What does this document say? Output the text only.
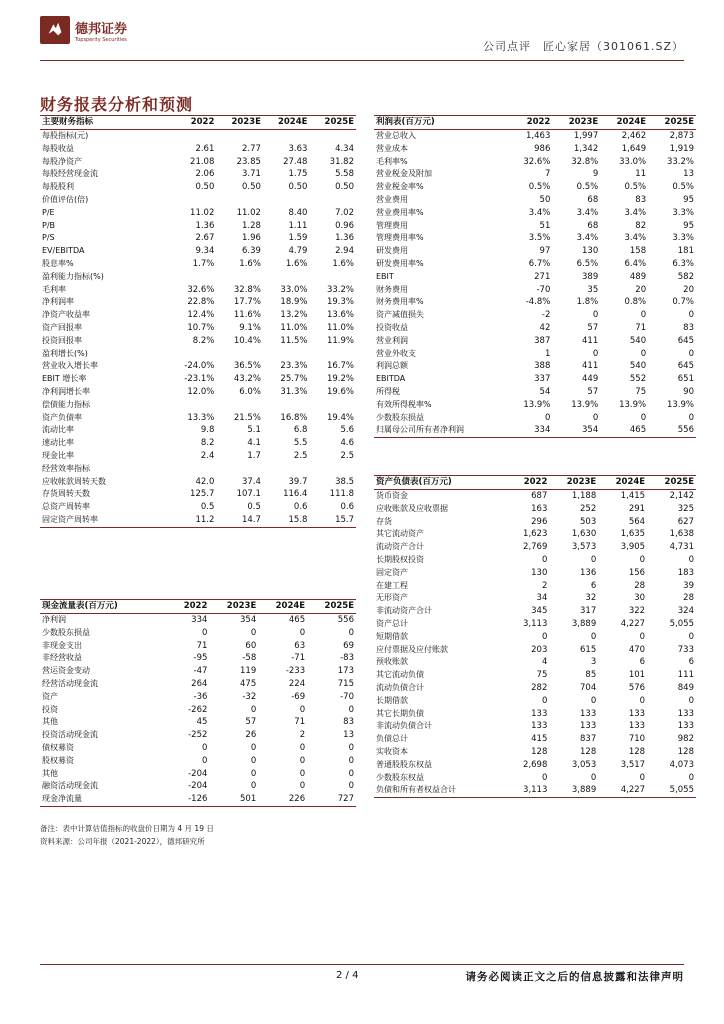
德邦证券
Topsperity Securities
公司点评　匠心家居（301061.SZ）
财务报表分析和预测
主要财务指标	2022	2023E	2024E	2025E
每股指标(元)				
每股收益	2.61	2.77	3.63	4.34
每股净资产	21.08	23.85	27.48	31.82
每股经营现金流	2.06	3.71	1.75	5.58
每股股利	0.50	0.50	0.50	0.50
价值评估(倍)				
P/E	11.02	11.02	8.40	7.02
P/B	1.36	1.28	1.11	0.96
P/S	2.67	1.96	1.59	1.36
EV/EBITDA	9.34	6.39	4.79	2.94
股息率%	1.7%	1.6%	1.6%	1.6%
盈利能力指标(%)				
毛利率	32.6%	32.8%	33.0%	33.2%
净利润率	22.8%	17.7%	18.9%	19.3%
净资产收益率	12.4%	11.6%	13.2%	13.6%
资产回报率	10.7%	9.1%	11.0%	11.0%
投资回报率	8.2%	10.4%	11.5%	11.9%
盈利增长(%)				
营业收入增长率	-24.0%	36.5%	23.3%	16.7%
EBIT 增长率	-23.1%	43.2%	25.7%	19.2%
净利润增长率	12.0%	6.0%	31.3%	19.6%
偿债能力指标				
资产负债率	13.3%	21.5%	16.8%	19.4%
流动比率	9.8	5.1	6.8	5.6
速动比率	8.2	4.1	5.5	4.6
现金比率	2.4	1.7	2.5	2.5
经营效率指标				
应收帐款周转天数	42.0	37.4	39.7	38.5
存货周转天数	125.7	107.1	116.4	111.8
总资产周转率	0.5	0.5	0.6	0.6
固定资产周转率	11.2	14.7	15.8	15.7
现金流量表(百万元)	2022	2023E	2024E	2025E
净利润	334	354	465	556
少数股东损益	0	0	0	0
非现金支出	71	60	63	69
非经营收益	-95	-58	-71	-83
营运资金变动	-47	119	-233	173
经营活动现金流	264	475	224	715
资产	-36	-32	-69	-70
投资	-262	0	0	0
其他	45	57	71	83
投资活动现金流	-252	26	2	13
债权募资	0	0	0	0
股权募资	0	0	0	0
其他	-204	0	0	0
融资活动现金流	-204	0	0	0
现金净流量	-126	501	226	727
利润表(百万元)	2022	2023E	2024E	2025E
营业总收入	1,463	1,997	2,462	2,873
营业成本	986	1,342	1,649	1,919
毛利率%	32.6%	32.8%	33.0%	33.2%
营业税金及附加	7	9	11	13
营业税金率%	0.5%	0.5%	0.5%	0.5%
营业费用	50	68	83	95
营业费用率%	3.4%	3.4%	3.4%	3.3%
管理费用	51	68	82	95
管理费用率%	3.5%	3.4%	3.4%	3.3%
研发费用	97	130	158	181
研发费用率%	6.7%	6.5%	6.4%	6.3%
EBIT	271	389	489	582
财务费用	-70	35	20	20
财务费用率%	-4.8%	1.8%	0.8%	0.7%
资产减值损失	-2	0	0	0
投资收益	42	57	71	83
营业利润	387	411	540	645
营业外收支	1	0	0	0
利润总额	388	411	540	645
EBITDA	337	449	552	651
所得税	54	57	75	90
有效所得税率%	13.9%	13.9%	13.9%	13.9%
少数股东损益	0	0	0	0
归属母公司所有者净利润	334	354	465	556
资产负债表(百万元)	2022	2023E	2024E	2025E
货币资金	687	1,188	1,415	2,142
应收账款及应收票据	163	252	291	325
存货	296	503	564	627
其它流动资产	1,623	1,630	1,635	1,638
流动资产合计	2,769	3,573	3,905	4,731
长期股权投资	0	0	0	0
固定资产	130	136	156	183
在建工程	2	6	28	39
无形资产	34	32	30	28
非流动资产合计	345	317	322	324
资产总计	3,113	3,889	4,227	5,055
短期借款	0	0	0	0
应付票据及应付账款	203	615	470	733
预收账款	4	3	6	6
其它流动负债	75	85	101	111
流动负债合计	282	704	576	849
长期借款	0	0	0	0
其它长期负债	133	133	133	133
非流动负债合计	133	133	133	133
负债总计	415	837	710	982
实收资本	128	128	128	128
普通股股东权益	2,698	3,053	3,517	4,073
少数股东权益	0	0	0	0
负债和所有者权益合计	3,113	3,889	4,227	5,055
备注：表中计算估值指标的收盘价日期为 4 月 19 日
资料来源：公司年报（2021-2022），德邦研究所
2 / 4	请务必阅读正文之后的信息披露和法律声明
